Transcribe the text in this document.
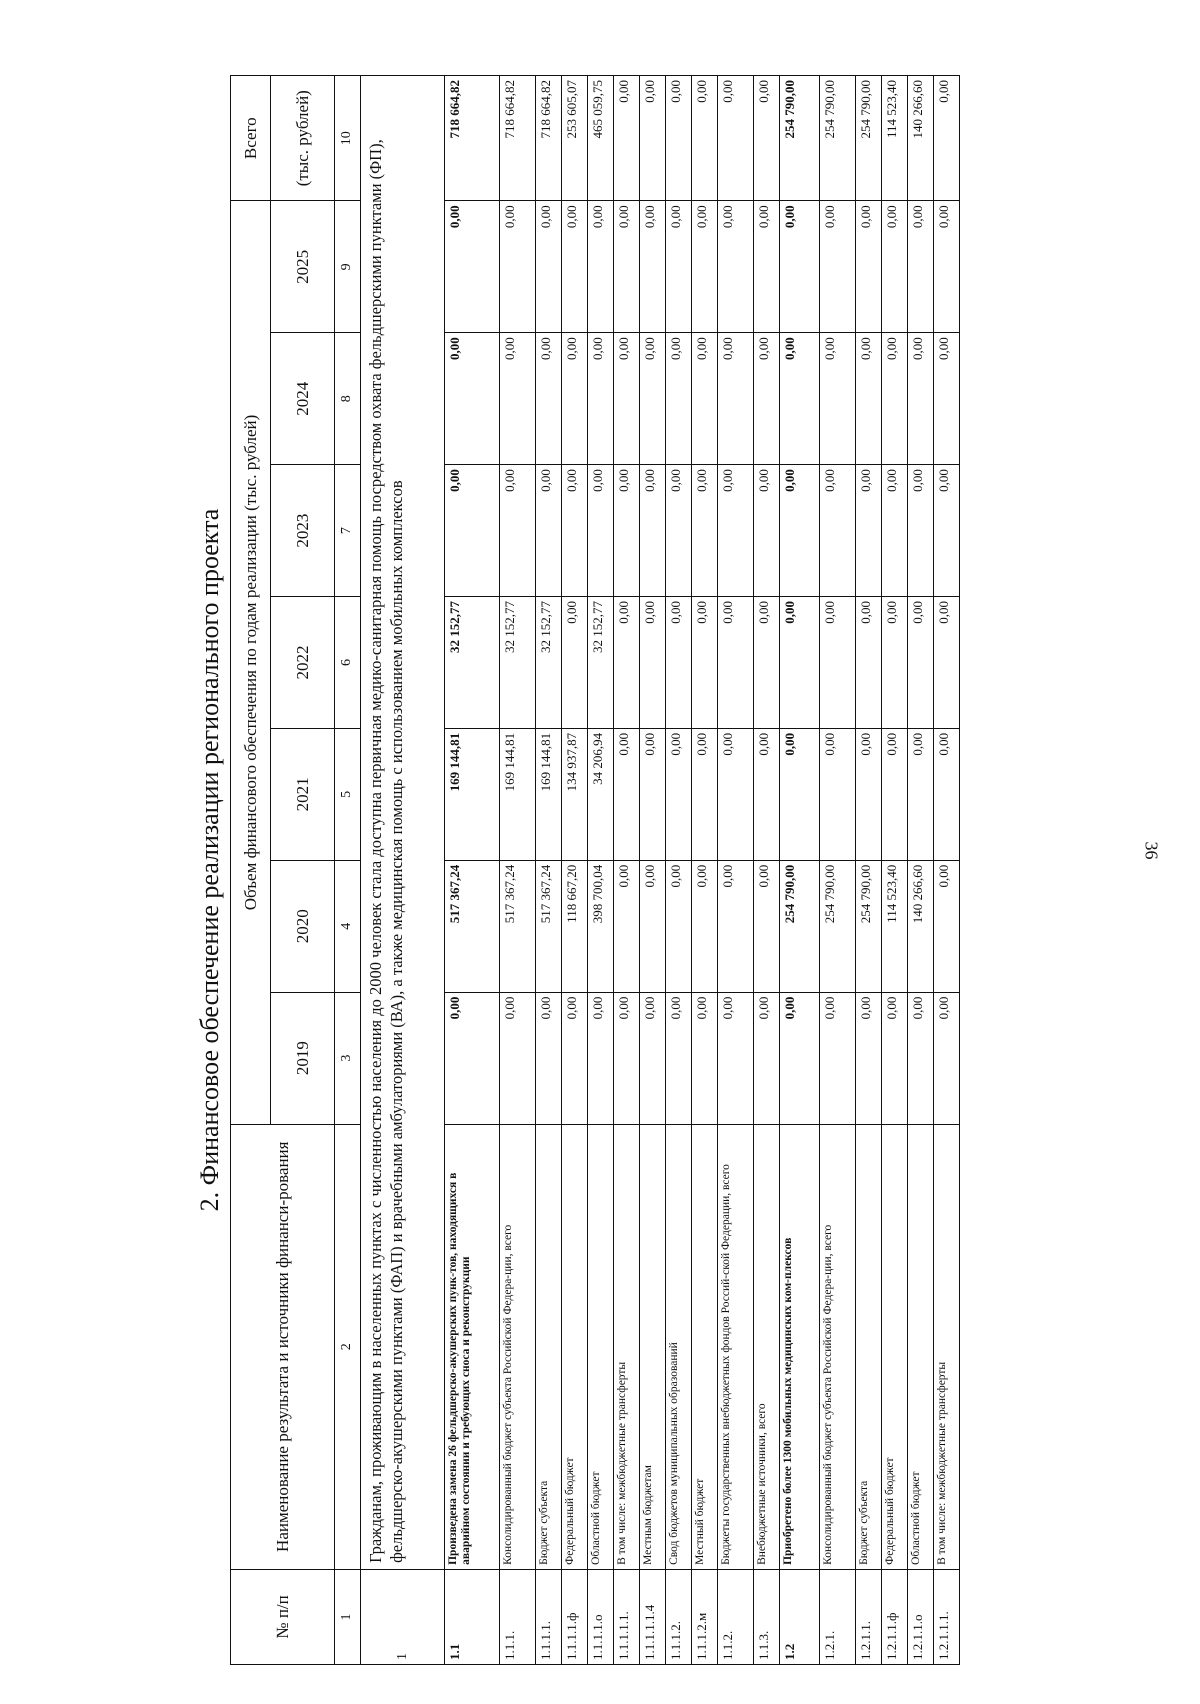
36
2. Финансовое обеспечение реализации регионального проекта
№ п/п	Наименование результата и источники финанси-рования	Объем финансового обеспечения по годам реализации (тыс. рублей)							Всего
		2019	2020	2021	2022	2023	2024	2025	(тыс. рублей)
1	2	3	4	5	6	7	8	9	10
1	Гражданам, проживающим в населенных пунктах с численностью населения до 2000 человек стала доступна первичная медико-санитарная помощь посредством охвата фельдшерскими пунктами (ФП), фельдшерско-акушерскими пунктами (ФАП) и врачебными амбулаториями (ВА), а также медицинская помощь с использованием мобильных комплексов								
1.1	Произведена замена 26 фельдшерско-акушерских пунк-тов, находящихся в аварийном состоянии и требующих сноса и реконструкции	0,00	517 367,24	169 144,81	32 152,77	0,00	0,00	0,00	718 664,82
1.1.1.	Консолидированный бюджет субъекта Российской Федера-ции, всего	0,00	517 367,24	169 144,81	32 152,77	0,00	0,00	0,00	718 664,82
1.1.1.1.	Бюджет субъекта	0,00	517 367,24	169 144,81	32 152,77	0,00	0,00	0,00	718 664,82
1.1.1.1.ф	Федеральный бюджет	0,00	118 667,20	134 937,87	0,00	0,00	0,00	0,00	253 605,07
1.1.1.1.о	Областной бюджет	0,00	398 700,04	34 206,94	32 152,77	0,00	0,00	0,00	465 059,75
1.1.1.1.1.	В том числе: межбюджетные трансферты	0,00	0,00	0,00	0,00	0,00	0,00	0,00	0,00
1.1.1.1.1.4	Местным бюджетам	0,00	0,00	0,00	0,00	0,00	0,00	0,00	0,00
1.1.1.2.	Свод бюджетов муниципальных образований	0,00	0,00	0,00	0,00	0,00	0,00	0,00	0,00
1.1.1.2.м	Местный бюджет	0,00	0,00	0,00	0,00	0,00	0,00	0,00	0,00
1.1.2.	Бюджеты государственных внебюджетных фондов Россий-ской Федерации, всего	0,00	0,00	0,00	0,00	0,00	0,00	0,00	0,00
1.1.3.	Внебюджетные источники, всего	0,00	0,00	0,00	0,00	0,00	0,00	0,00	0,00
1.2	Приобретено более 1300 мобильных медицинских ком-плексов	0,00	254 790,00	0,00	0,00	0,00	0,00	0,00	254 790,00
1.2.1.	Консолидированный бюджет субъекта Российской Федера-ции, всего	0,00	254 790,00	0,00	0,00	0,00	0,00	0,00	254 790,00
1.2.1.1.	Бюджет субъекта	0,00	254 790,00	0,00	0,00	0,00	0,00	0,00	254 790,00
1.2.1.1.ф	Федеральный бюджет	0,00	114 523,40	0,00	0,00	0,00	0,00	0,00	114 523,40
1.2.1.1.о	Областной бюджет	0,00	140 266,60	0,00	0,00	0,00	0,00	0,00	140 266,60
1.2.1.1.1.	В том числе: межбюджетные трансферты	0,00	0,00	0,00	0,00	0,00	0,00	0,00	0,00
